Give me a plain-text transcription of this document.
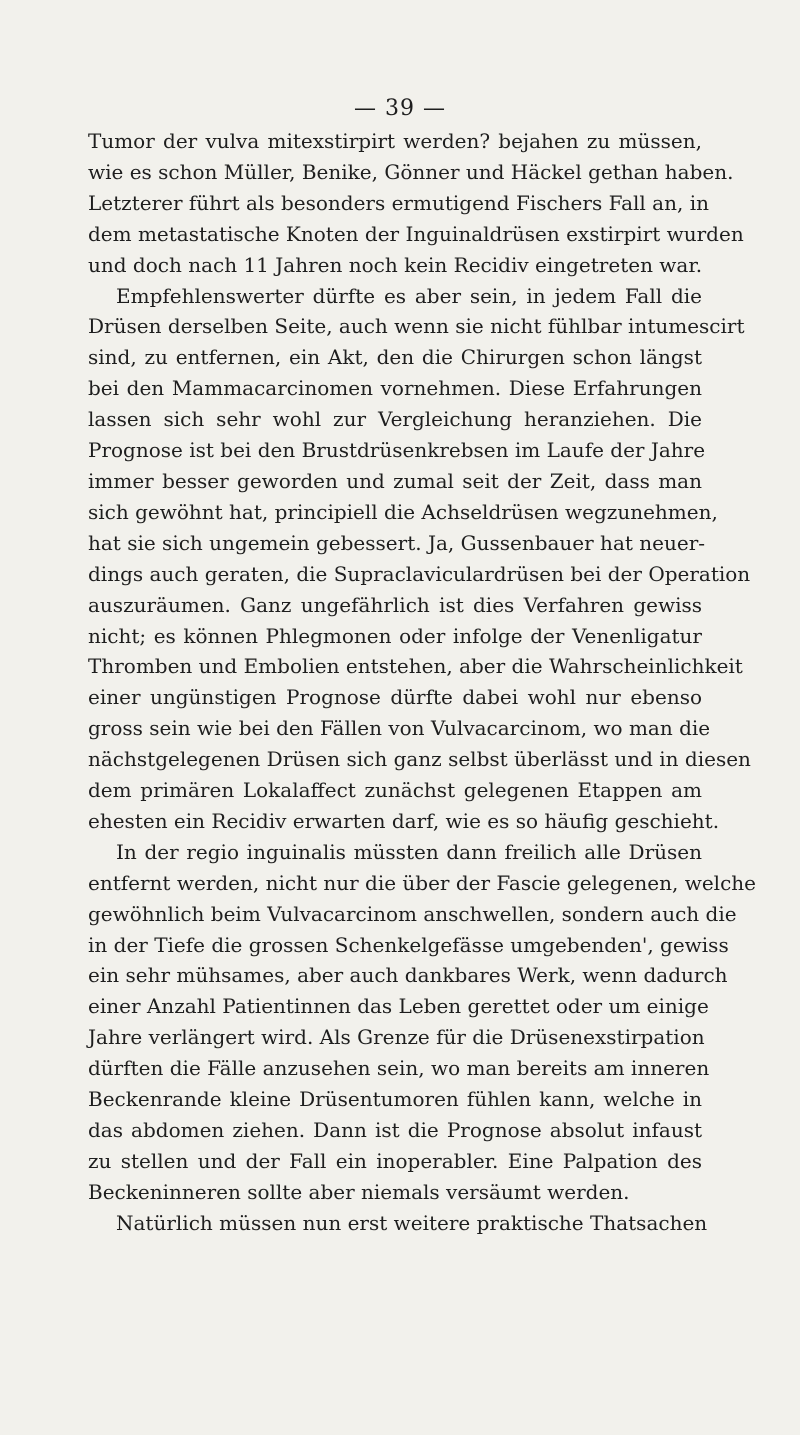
— 39 —

Tumor der vulva mitexstirpirt werden? bejahen zu müssen,
wie es schon Müller, Benike, Gönner und Häckel gethan haben.
Letzterer führt als besonders ermutigend Fischers Fall an, in
dem metastatische Knoten der Inguinaldrüsen exstirpirt wurden
und doch nach 11 Jahren noch kein Recidiv eingetreten war.

Empfehlenswerter dürfte es aber sein, in jedem Fall die
Drüsen derselben Seite, auch wenn sie nicht fühlbar intumescirt
sind, zu entfernen, ein Akt, den die Chirurgen schon längst
bei den Mammacarcinomen vornehmen. Diese Erfahrungen
lassen sich sehr wohl zur Vergleichung heranziehen. Die
Prognose ist bei den Brustdrüsenkrebsen im Laufe der Jahre
immer besser geworden und zumal seit der Zeit, dass man
sich gewöhnt hat, principiell die Achseldrüsen wegzunehmen,
hat sie sich ungemein gebessert. Ja, Gussenbauer hat neuer-
dings auch geraten, die Supraclaviculardrüsen bei der Operation
auszuräumen. Ganz ungefährlich ist dies Verfahren gewiss
nicht; es können Phlegmonen oder infolge der Venenligatur
Thromben und Embolien entstehen, aber die Wahrscheinlichkeit
einer ungünstigen Prognose dürfte dabei wohl nur ebenso
gross sein wie bei den Fällen von Vulvacarcinom, wo man die
nächstgelegenen Drüsen sich ganz selbst überlässt und in diesen
dem primären Lokalaffect zunächst gelegenen Etappen am
ehesten ein Recidiv erwarten darf, wie es so häufig geschieht.

In der regio inguinalis müssten dann freilich alle Drüsen
entfernt werden, nicht nur die über der Fascie gelegenen, welche
gewöhnlich beim Vulvacarcinom anschwellen, sondern auch die
in der Tiefe die grossen Schenkelgefässe umgebenden', gewiss
ein sehr mühsames, aber auch dankbares Werk, wenn dadurch
einer Anzahl Patientinnen das Leben gerettet oder um einige
Jahre verlängert wird. Als Grenze für die Drüsenexstirpation
dürften die Fälle anzusehen sein, wo man bereits am inneren
Beckenrande kleine Drüsentumoren fühlen kann, welche in
das abdomen ziehen. Dann ist die Prognose absolut infaust
zu stellen und der Fall ein inoperabler. Eine Palpation des
Beckeninneren sollte aber niemals versäumt werden.

Natürlich müssen nun erst weitere praktische Thatsachen
